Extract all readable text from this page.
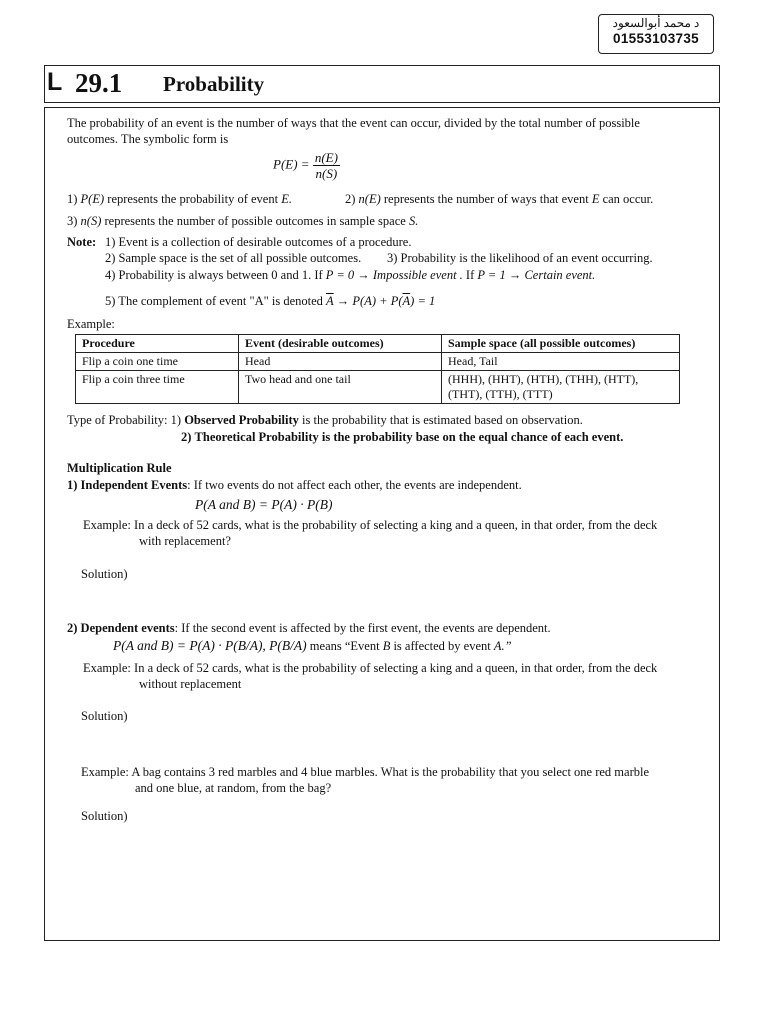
د محمد أبوالسعود
01553103735
L 29.1 Probability
The probability of an event is the number of ways that the event can occur, divided by the total number of possible
outcomes. The symbolic form is
$P(E) = \frac{n(E)}{n(S)}$
1) P(E) represents the probability of event E.	2) n(E) represents the number of ways that event E can occur.
3) n(S) represents the number of possible outcomes in sample space S.
Note: 1) Event is a collection of desirable outcomes of a procedure.
2) Sample space is the set of all possible outcomes. 3) Probability is the likelihood of an event occurring.
4) Probability is always between 0 and 1. If P = 0 → Impossible event . If P = 1 → Certain event.
5) The complement of event "A" is denoted $\overline{A} \to P(A) + P(\overline{A}) = 1$
Example:
Procedure	Event (desirable outcomes)	Sample space (all possible outcomes)
Flip a coin one time	Head	Head, Tail
Flip a coin three time	Two head and one tail	(HHH), (HHT), (HTH), (THH), (HTT), (THT), (TTH), (TTT)
Type of Probability: 1) Observed Probability is the probability that is estimated based on observation.
2) Theoretical Probability is the probability base on the equal chance of each event.
Multiplication Rule
1) Independent Events: If two events do not affect each other, the events are independent.
P(A and B) = P(A) · P(B)
Example: In a deck of 52 cards, what is the probability of selecting a king and a queen, in that order, from the deck
with replacement?
Solution)
2) Dependent events: If the second event is affected by the first event, the events are dependent.
P(A and B) = P(A) · P(B/A), P(B/A) means “Event B is affected by event A.”
Example: In a deck of 52 cards, what is the probability of selecting a king and a queen, in that order, from the deck
without replacement
Solution)
Example: A bag contains 3 red marbles and 4 blue marbles. What is the probability that you select one red marble
and one blue, at random, from the bag?
Solution)
